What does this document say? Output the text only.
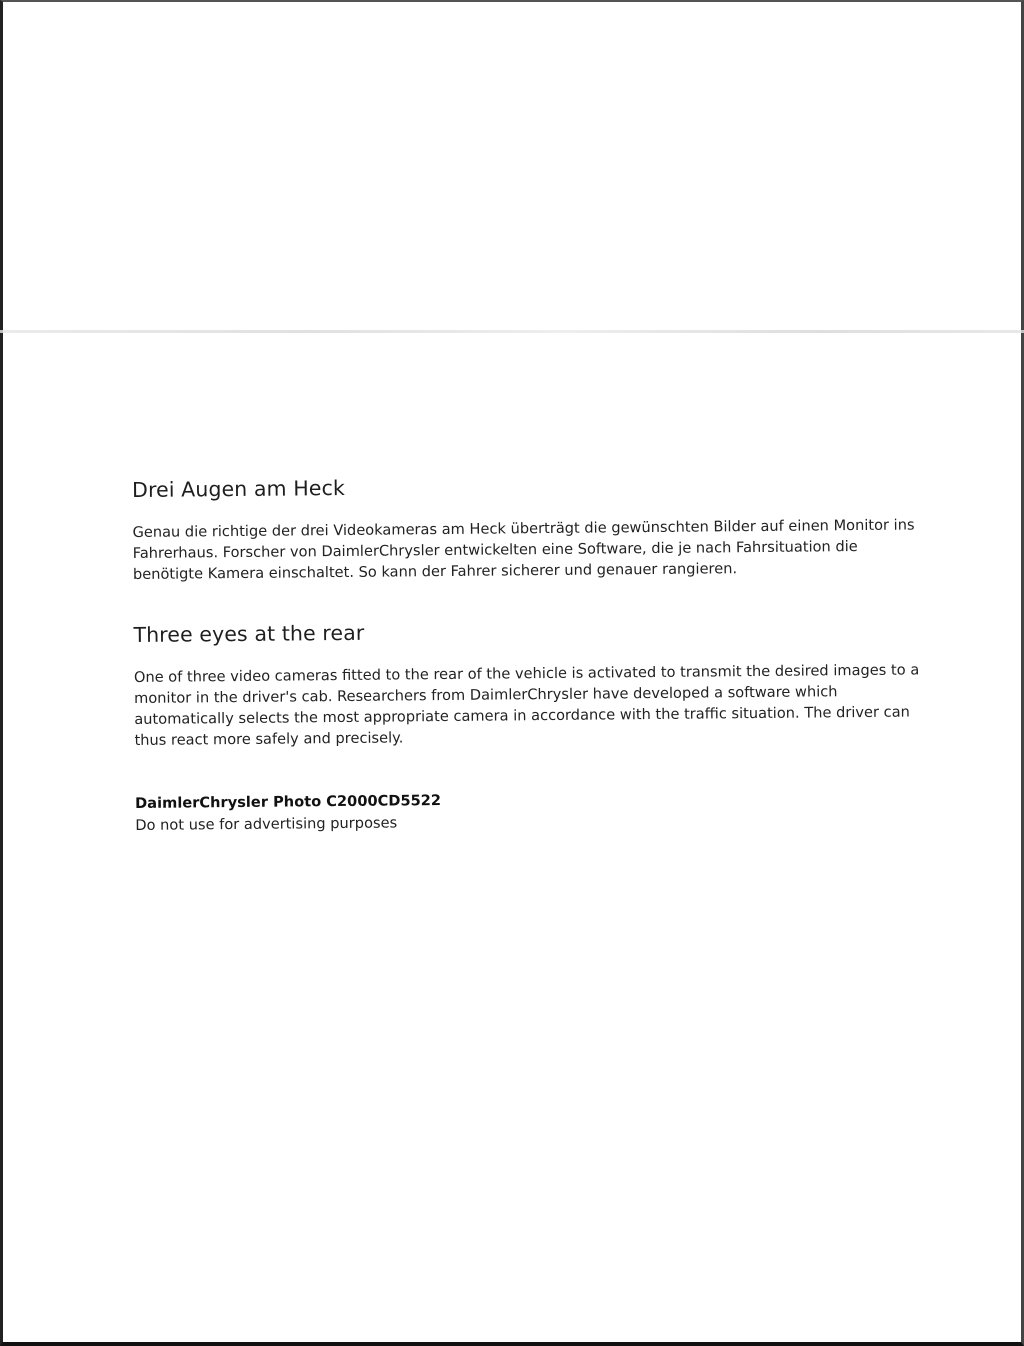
Drei Augen am Heck

Genau die richtige der drei Videokameras am Heck überträgt die gewünschten Bilder auf einen Monitor ins Fahrerhaus. Forscher von DaimlerChrysler entwickelten eine Software, die je nach Fahrsituation die benötigte Kamera einschaltet. So kann der Fahrer sicherer und genauer rangieren.

Three eyes at the rear

One of three video cameras fitted to the rear of the vehicle is activated to transmit the desired images to a monitor in the driver's cab. Researchers from DaimlerChrysler have developed a software which automatically selects the most appropriate camera in accordance with the traffic situation. The driver can thus react more safely and precisely.

DaimlerChrysler Photo C2000CD5522
Do not use for advertising purposes
